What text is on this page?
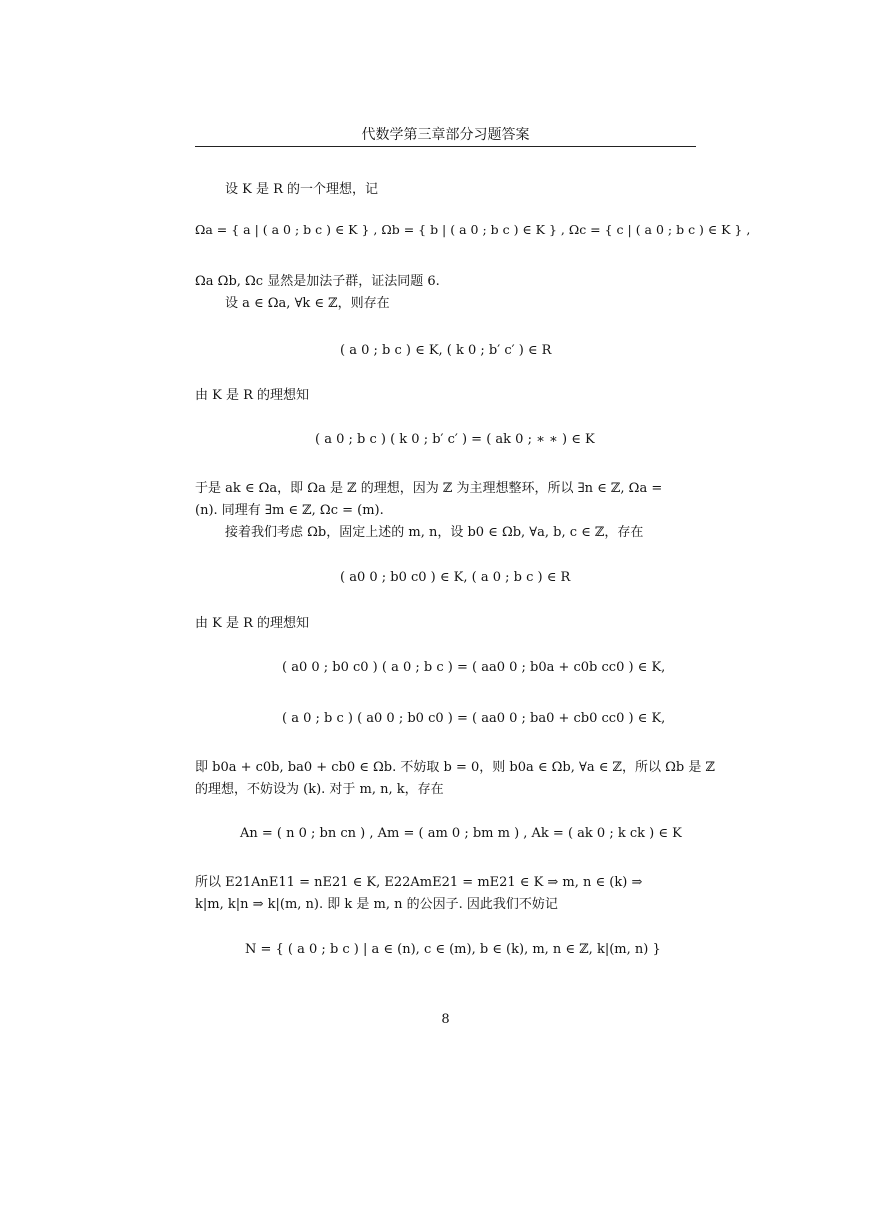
代数学第三章部分习题答案
设 K 是 R 的一个理想，记
Ωa = { a | ( a 0 ; b c ) ∈ K } , Ωb = { b | ( a 0 ; b c ) ∈ K } , Ωc = { c | ( a 0 ; b c ) ∈ K } ,
Ωa Ωb, Ωc 显然是加法子群，证法同题 6.
设 a ∈ Ωa, ∀k ∈ ℤ，则存在
( a 0 ; b c ) ∈ K, ( k 0 ; b′ c′ ) ∈ R
由 K 是 R 的理想知
( a 0 ; b c ) ( k 0 ; b′ c′ ) = ( ak 0 ; ∗ ∗ ) ∈ K
于是 ak ∈ Ωa，即 Ωa 是 ℤ 的理想，因为 ℤ 为主理想整环，所以 ∃n ∈ ℤ, Ωa =
(n). 同理有 ∃m ∈ ℤ, Ωc = (m).
接着我们考虑 Ωb，固定上述的 m, n，设 b0 ∈ Ωb, ∀a, b, c ∈ ℤ，存在
( a0 0 ; b0 c0 ) ∈ K, ( a 0 ; b c ) ∈ R
由 K 是 R 的理想知
( a0 0 ; b0 c0 ) ( a 0 ; b c ) = ( aa0 0 ; b0a + c0b cc0 ) ∈ K,
( a 0 ; b c ) ( a0 0 ; b0 c0 ) = ( aa0 0 ; ba0 + cb0 cc0 ) ∈ K,
即 b0a + c0b, ba0 + cb0 ∈ Ωb. 不妨取 b = 0，则 b0a ∈ Ωb, ∀a ∈ ℤ，所以 Ωb 是 ℤ
的理想，不妨设为 (k). 对于 m, n, k，存在
An = ( n 0 ; bn cn ) , Am = ( am 0 ; bm m ) , Ak = ( ak 0 ; k ck ) ∈ K
所以 E21AnE11 = nE21 ∈ K, E22AmE21 = mE21 ∈ K ⇒ m, n ∈ (k) ⇒
k|m, k|n ⇒ k|(m, n). 即 k 是 m, n 的公因子. 因此我们不妨记
N = { ( a 0 ; b c ) | a ∈ (n), c ∈ (m), b ∈ (k), m, n ∈ ℤ, k|(m, n) }
8
